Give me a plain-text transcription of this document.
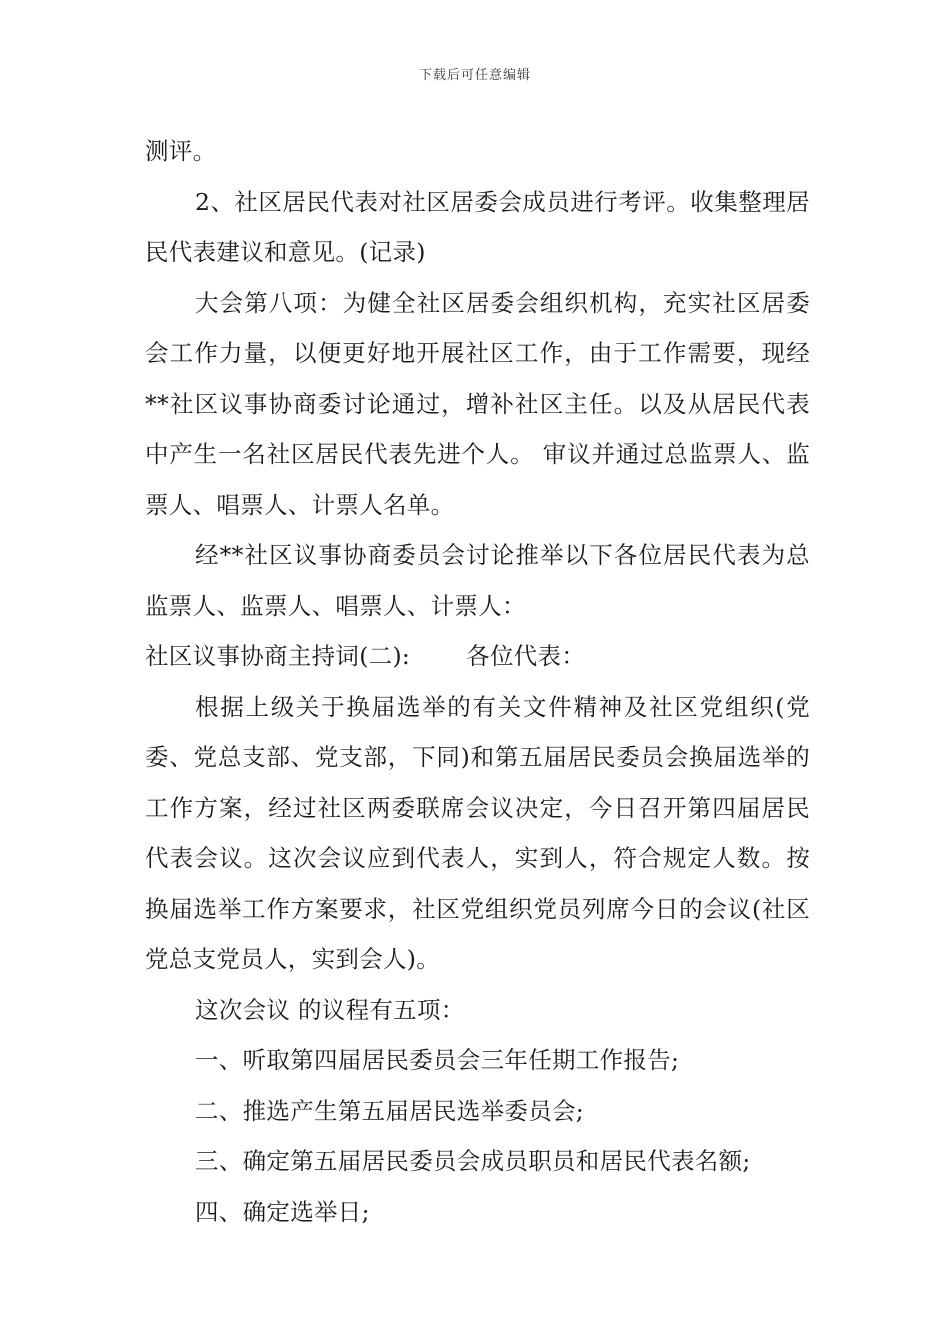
下载后可任意编辑

测评。

2、社区居民代表对社区居委会成员进行考评。收集整理居民代表建议和意见。(记录)

大会第八项：为健全社区居委会组织机构，充实社区居委会工作力量，以便更好地开展社区工作，由于工作需要，现经**社区议事协商委讨论通过，增补社区主任。以及从居民代表中产生一名社区居民代表先进个人。 审议并通过总监票人、监票人、唱票人、计票人名单。

经**社区议事协商委员会讨论推举以下各位居民代表为总监票人、监票人、唱票人、计票人：

社区议事协商主持词(二): 各位代表：

根据上级关于换届选举的有关文件精神及社区党组织(党委、党总支部、党支部，下同)和第五届居民委员会换届选举的工作方案，经过社区两委联席会议决定，今日召开第四届居民代表会议。这次会议应到代表人，实到人，符合规定人数。按换届选举工作方案要求，社区党组织党员列席今日的会议(社区党总支党员人，实到会人)。

这次会议 的议程有五项：

一、听取第四届居民委员会三年任期工作报告;

二、推选产生第五届居民选举委员会;

三、确定第五届居民委员会成员职员和居民代表名额;

四、确定选举日;
